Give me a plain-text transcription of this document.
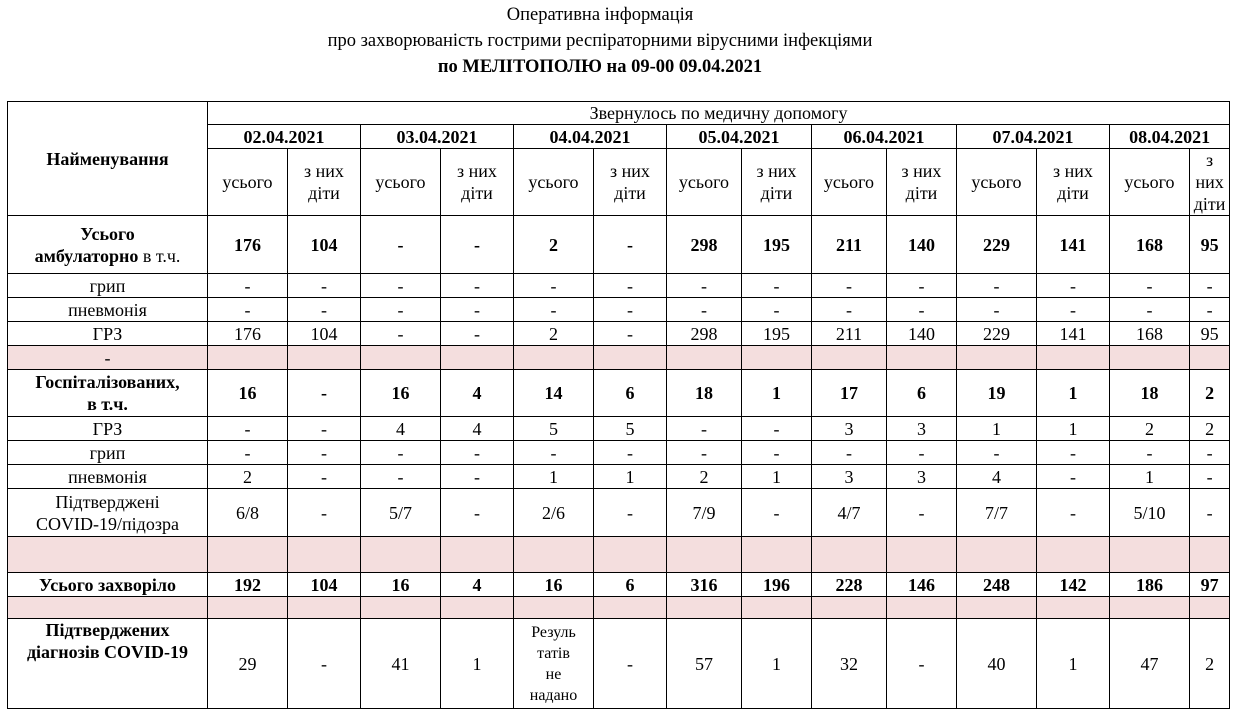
Оперативна інформація
про захворюваність гострими респіраторними вірусними інфекціями
по МЕЛІТОПОЛЮ на 09-00 09.04.2021
Найменування	Звернулось по медичну допомогу													
	02.04.2021		03.04.2021		04.04.2021		05.04.2021		06.04.2021		07.04.2021		08.04.2021	
	усього	з них
діти	усього	з них
діти	усього	з них
діти	усього	з них
діти	усього	з них
діти	усього	з них
діти	усього	з них
діти
Усього
амбулаторно в т.ч.	176	104	-	-	2	-	298	195	211	140	229	141	168	95
грип	-	-	-	-	-	-	-	-	-	-	-	-	-	-
пневмонія	-	-	-	-	-	-	-	-	-	-	-	-	-	-
ГРЗ	176	104	-	-	2	-	298	195	211	140	229	141	168	95
-														
Госпіталізованих,
в т.ч.	16	-	16	4	14	6	18	1	17	6	19	1	18	2
ГРЗ	-	-	4	4	5	5	-	-	3	3	1	1	2	2
грип	-	-	-	-	-	-	-	-	-	-	-	-	-	-
пневмонія	2	-	-	-	1	1	2	1	3	3	4	-	1	-
Підтверджені
COVID-19/підозра	6/8	-	5/7	-	2/6	-	7/9	-	4/7	-	7/7	-	5/10	-

Усього захворіло	192	104	16	4	16	6	316	196	228	146	248	142	186	97

Підтверджених
діагнозів COVID-19	29	-	41	1	Резуль
татів
не
надано	-	57	1	32	-	40	1	47	2
